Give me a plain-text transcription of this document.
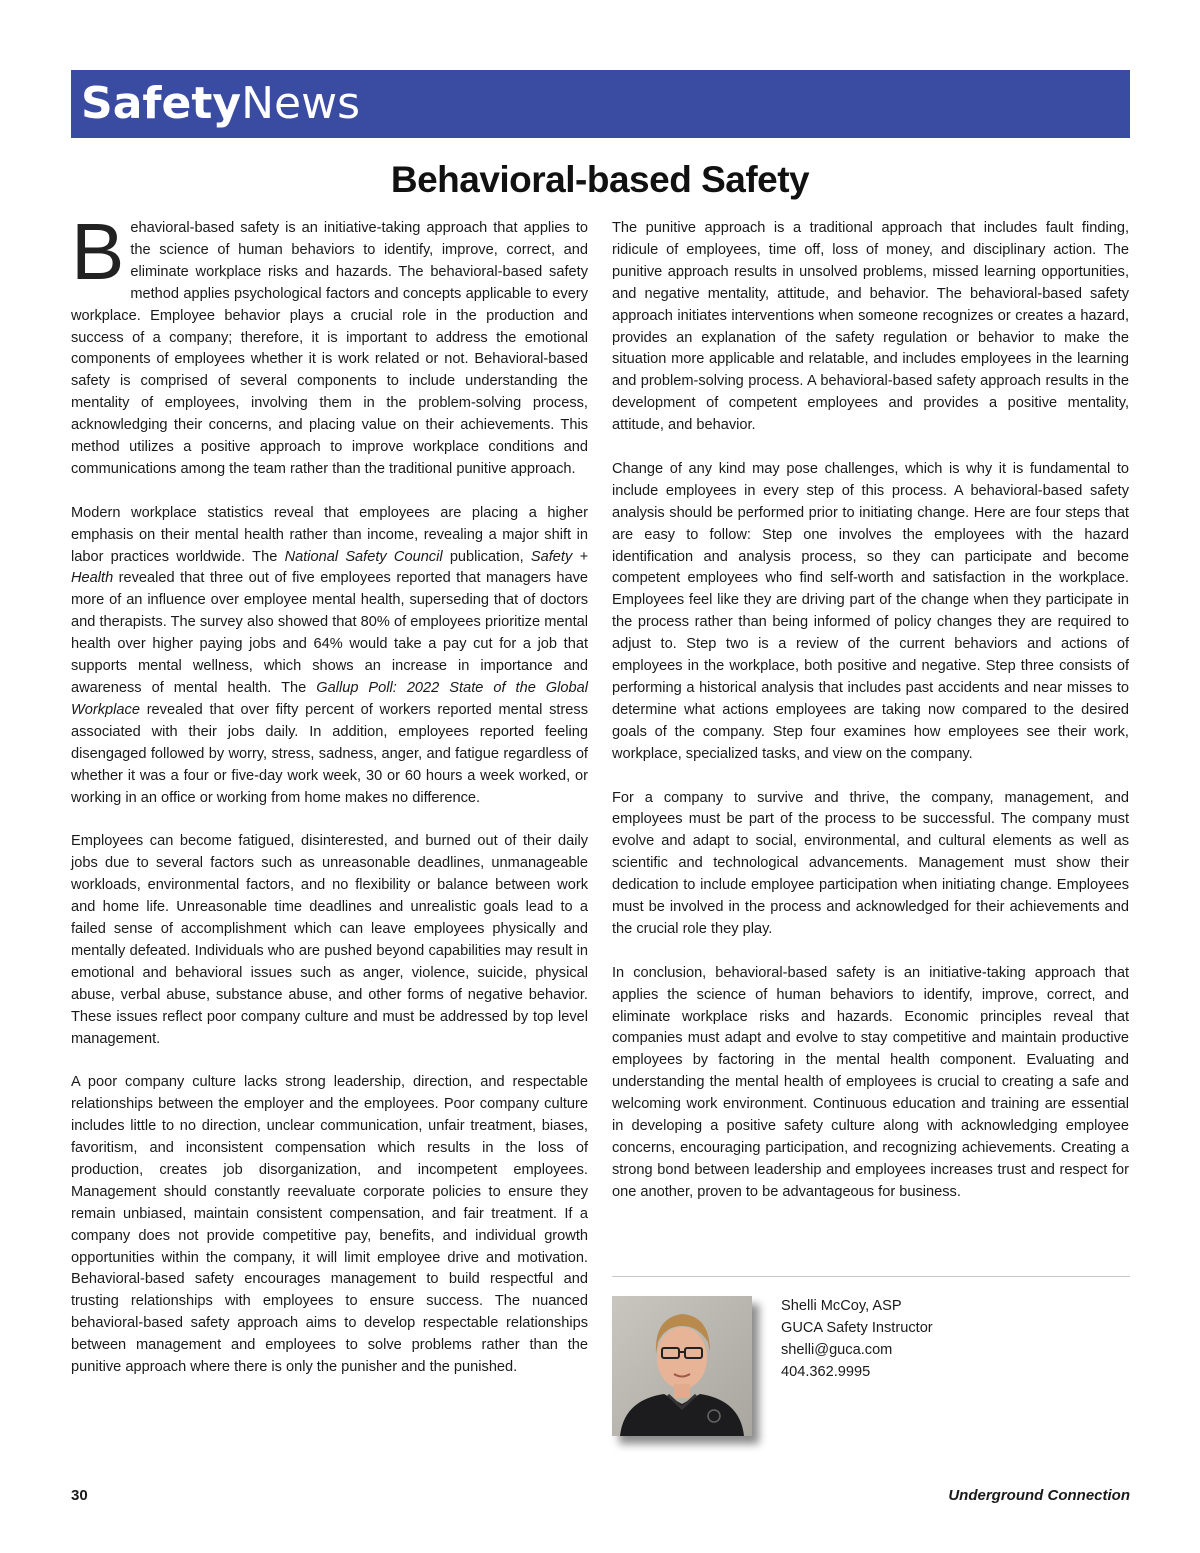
SafetyNews
Behavioral-based Safety

Behavioral-based safety is an initiative-taking approach that applies to the science of human behaviors to identify, improve, correct, and eliminate workplace risks and hazards. The behavioral-based safety method applies psychological factors and concepts applicable to every workplace. Employee behavior plays a crucial role in the production and success of a company; therefore, it is important to address the emotional components of employees whether it is work related or not. Behavioral-based safety is comprised of several components to include understanding the mentality of employees, involving them in the problem-solving process, acknowledging their concerns, and placing value on their achievements. This method utilizes a positive approach to improve workplace conditions and communications among the team rather than the traditional punitive approach.

Modern workplace statistics reveal that employees are placing a higher emphasis on their mental health rather than income, revealing a major shift in labor practices worldwide. The National Safety Council publication, Safety + Health revealed that three out of five employees reported that managers have more of an influence over employee mental health, superseding that of doctors and therapists. The survey also showed that 80% of employees prioritize mental health over higher paying jobs and 64% would take a pay cut for a job that supports mental wellness, which shows an increase in importance and awareness of mental health. The Gallup Poll: 2022 State of the Global Workplace revealed that over fifty percent of workers reported mental stress associated with their jobs daily. In addition, employees reported feeling disengaged followed by worry, stress, sadness, anger, and fatigue regardless of whether it was a four or five-day work week, 30 or 60 hours a week worked, or working in an office or working from home makes no difference.

Employees can become fatigued, disinterested, and burned out of their daily jobs due to several factors such as unreasonable deadlines, unmanageable workloads, environmental factors, and no flexibility or balance between work and home life. Unreasonable time deadlines and unrealistic goals lead to a failed sense of accomplishment which can leave employees physically and mentally defeated. Individuals who are pushed beyond capabilities may result in emotional and behavioral issues such as anger, violence, suicide, physical abuse, verbal abuse, substance abuse, and other forms of negative behavior. These issues reflect poor company culture and must be addressed by top level management.

A poor company culture lacks strong leadership, direction, and respectable relationships between the employer and the employees. Poor company culture includes little to no direction, unclear communication, unfair treatment, biases, favoritism, and inconsistent compensation which results in the loss of production, creates job disorganization, and incompetent employees. Management should constantly reevaluate corporate policies to ensure they remain unbiased, maintain consistent compensation, and fair treatment. If a company does not provide competitive pay, benefits, and individual growth opportunities within the company, it will limit employee drive and motivation. Behavioral-based safety encourages management to build respectful and trusting relationships with employees to ensure success. The nuanced behavioral-based safety approach aims to develop respectable relationships between management and employees to solve problems rather than the punitive approach where there is only the punisher and the punished.

The punitive approach is a traditional approach that includes fault finding, ridicule of employees, time off, loss of money, and disciplinary action. The punitive approach results in unsolved problems, missed learning opportunities, and negative mentality, attitude, and behavior. The behavioral-based safety approach initiates interventions when someone recognizes or creates a hazard, provides an explanation of the safety regulation or behavior to make the situation more applicable and relatable, and includes employees in the learning and problem-solving process. A behavioral-based safety approach results in the development of competent employees and provides a positive mentality, attitude, and behavior.

Change of any kind may pose challenges, which is why it is fundamental to include employees in every step of this process. A behavioral-based safety analysis should be performed prior to initiating change. Here are four steps that are easy to follow: Step one involves the employees with the hazard identification and analysis process, so they can participate and become competent employees who find self-worth and satisfaction in the workplace. Employees feel like they are driving part of the change when they participate in the process rather than being informed of policy changes they are required to adjust to. Step two is a review of the current behaviors and actions of employees in the workplace, both positive and negative. Step three consists of performing a historical analysis that includes past accidents and near misses to determine what actions employees are taking now compared to the desired goals of the company. Step four examines how employees see their work, workplace, specialized tasks, and view on the company.

For a company to survive and thrive, the company, management, and employees must be part of the process to be successful. The company must evolve and adapt to social, environmental, and cultural elements as well as scientific and technological advancements. Management must show their dedication to include employee participation when initiating change. Employees must be involved in the process and acknowledged for their achievements and the crucial role they play.

In conclusion, behavioral-based safety is an initiative-taking approach that applies the science of human behaviors to identify, improve, correct, and eliminate workplace risks and hazards. Economic principles reveal that companies must adapt and evolve to stay competitive and maintain productive employees by factoring in the mental health component. Evaluating and understanding the mental health of employees is crucial to creating a safe and welcoming work environment. Continuous education and training are essential in developing a positive safety culture along with acknowledging employee concerns, encouraging participation, and recognizing achievements. Creating a strong bond between leadership and employees increases trust and respect for one another, proven to be advantageous for business.

Shelli McCoy, ASP
GUCA Safety Instructor
shelli@guca.com
404.362.9995
30	Underground Connection
